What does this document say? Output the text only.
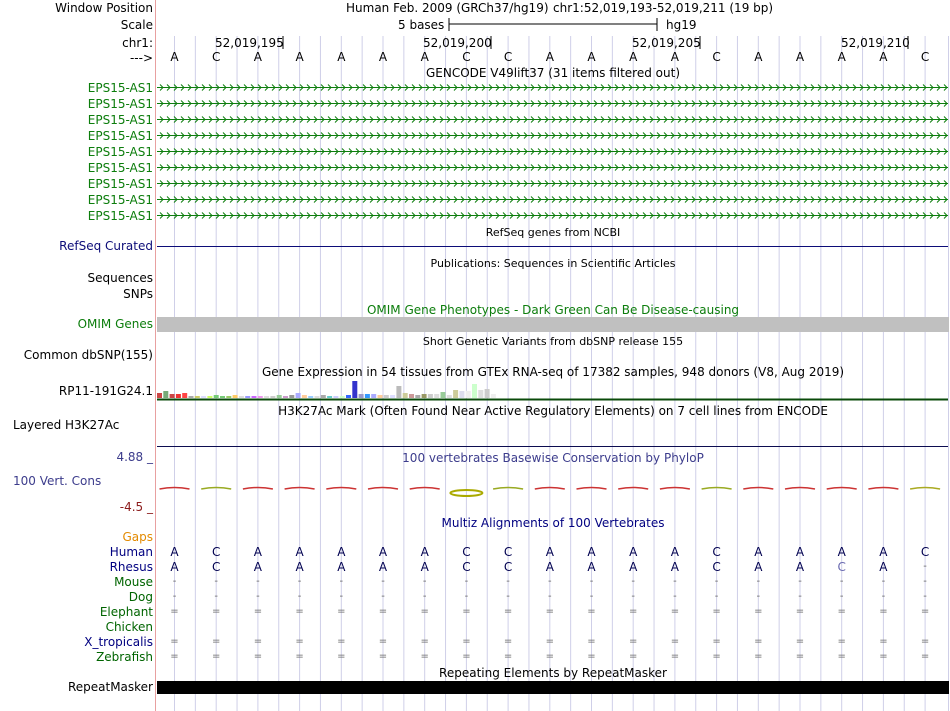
Window Position	Human Feb. 2009 (GRCh37/hg19) chr1:52,019,193-52,019,211 (19 bp)
Scale	5 bases	hg19
chr1:	52,019,195	52,019,200	52,019,205	52,019,210
--->	A	C	A	A	A	A	A	C	C	A	A	A	A	C	A	A	A	A	C
GENCODE V49lift37 (31 items filtered out)
EPS15-AS1
EPS15-AS1
EPS15-AS1
EPS15-AS1
EPS15-AS1
EPS15-AS1
EPS15-AS1
EPS15-AS1
EPS15-AS1
RefSeq genes from NCBI
RefSeq Curated
Publications: Sequences in Scientific Articles
Sequences
SNPs
OMIM Gene Phenotypes - Dark Green Can Be Disease-causing
OMIM Genes
Short Genetic Variants from dbSNP release 155
Common dbSNP(155)
Gene Expression in 54 tissues from GTEx RNA-seq of 17382 samples, 948 donors (V8, Aug 2019)
RP11-191G24.1
H3K27Ac Mark (Often Found Near Active Regulatory Elements) on 7 cell lines from ENCODE
Layered H3K27Ac
4.88 _	100 vertebrates Basewise Conservation by PhyloP
100 Vert. Cons
-4.5 _
Multiz Alignments of 100 Vertebrates
Gaps
Human	A	C	A	A	A	A	A	C	C	A	A	A	A	C	A	A	A	A	C
Rhesus	A	C	A	A	A	A	A	C	C	A	A	A	A	C	A	A	C	A	-
Mouse	-	-	-	-	-	-	-	-	-	-	-	-	-	-	-	-	-	-	-
Dog	-	-	-	-	-	-	-	-	-	-	-	-	-	-	-	-	-	-	-
Elephant	=	=	=	=	=	=	=	=	=	=	=	=	=	=	=	=	=	=	=
Chicken
X_tropicalis	=	=	=	=	=	=	=	=	=	=	=	=	=	=	=	=	=	=	=
Zebrafish	=	=	=	=	=	=	=	=	=	=	=	=	=	=	=	=	=	=	=
Repeating Elements by RepeatMasker
RepeatMasker
